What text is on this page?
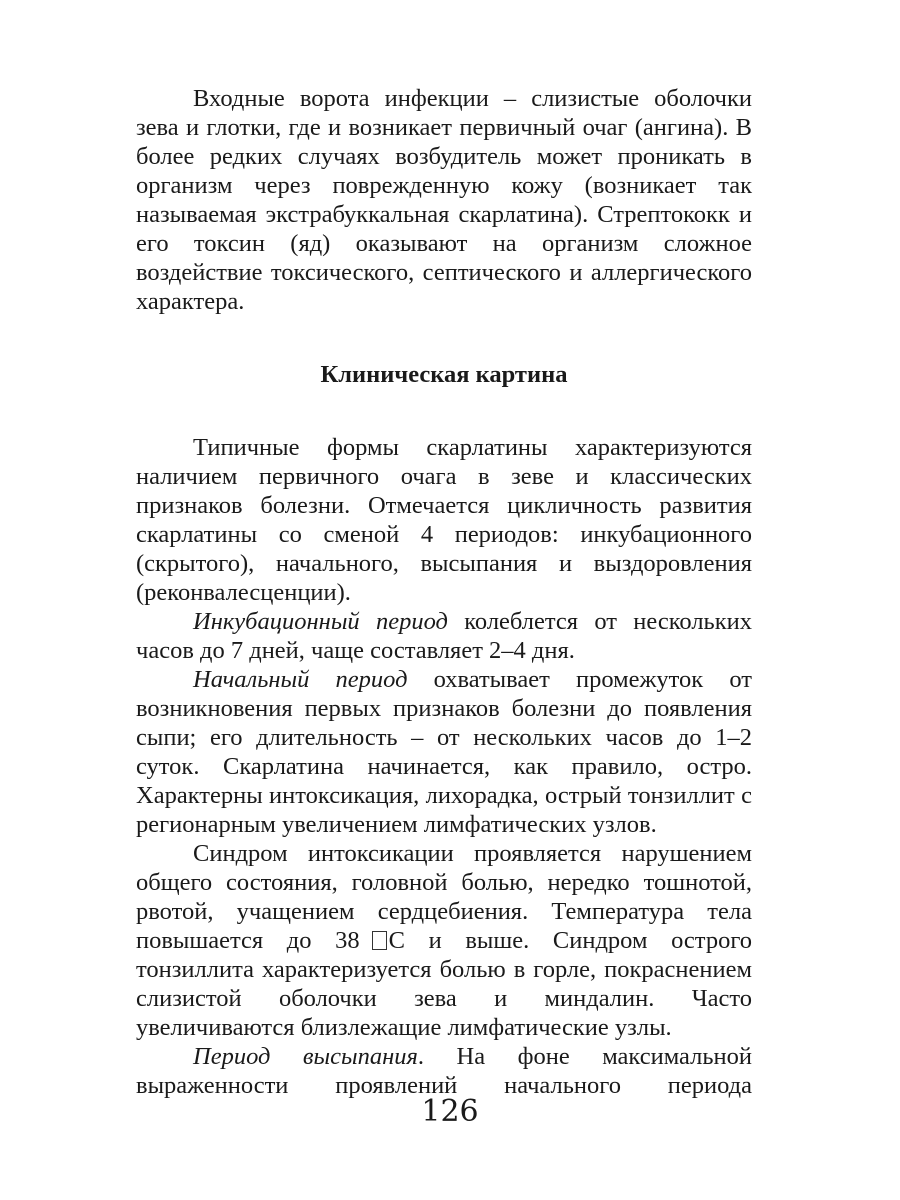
Входные ворота инфекции – слизистые оболочки зева и глотки, где и возникает первичный очаг (ангина). В более редких случаях возбудитель может проникать в организм через поврежденную кожу (возникает так называемая экстрабуккальная скарлатина). Стрептококк и его токсин (яд) оказывают на организм сложное воздействие токсического, септического и аллергического характера.

Клиническая картина

Типичные формы скарлатины характеризуются наличием первичного очага в зеве и классических признаков болезни. Отмечается цикличность развития скарлатины со сменой 4 периодов: инкубационного (скрытого), начального, высыпания и выздоровления (реконвалесценции).

Инкубационный период колеблется от нескольких часов до 7 дней, чаще составляет 2–4 дня.

Начальный период охватывает промежуток от возникновения первых признаков болезни до появления сыпи; его длительность – от нескольких часов до 1–2 суток. Скарлатина начинается, как правило, остро. Характерны интоксикация, лихорадка, острый тонзиллит с регионарным увеличением лимфатических узлов.

Синдром интоксикации проявляется нарушением общего состояния, головной болью, нередко тошнотой, рвотой, учащением сердцебиения. Температура тела повышается до 38 С и выше. Синдром острого тонзиллита характеризуется болью в горле, покраснением слизистой оболочки зева и миндалин. Часто увеличиваются близлежащие лимфатические узлы.

Период высыпания. На фоне максимальной выраженности проявлений начального периода

126
